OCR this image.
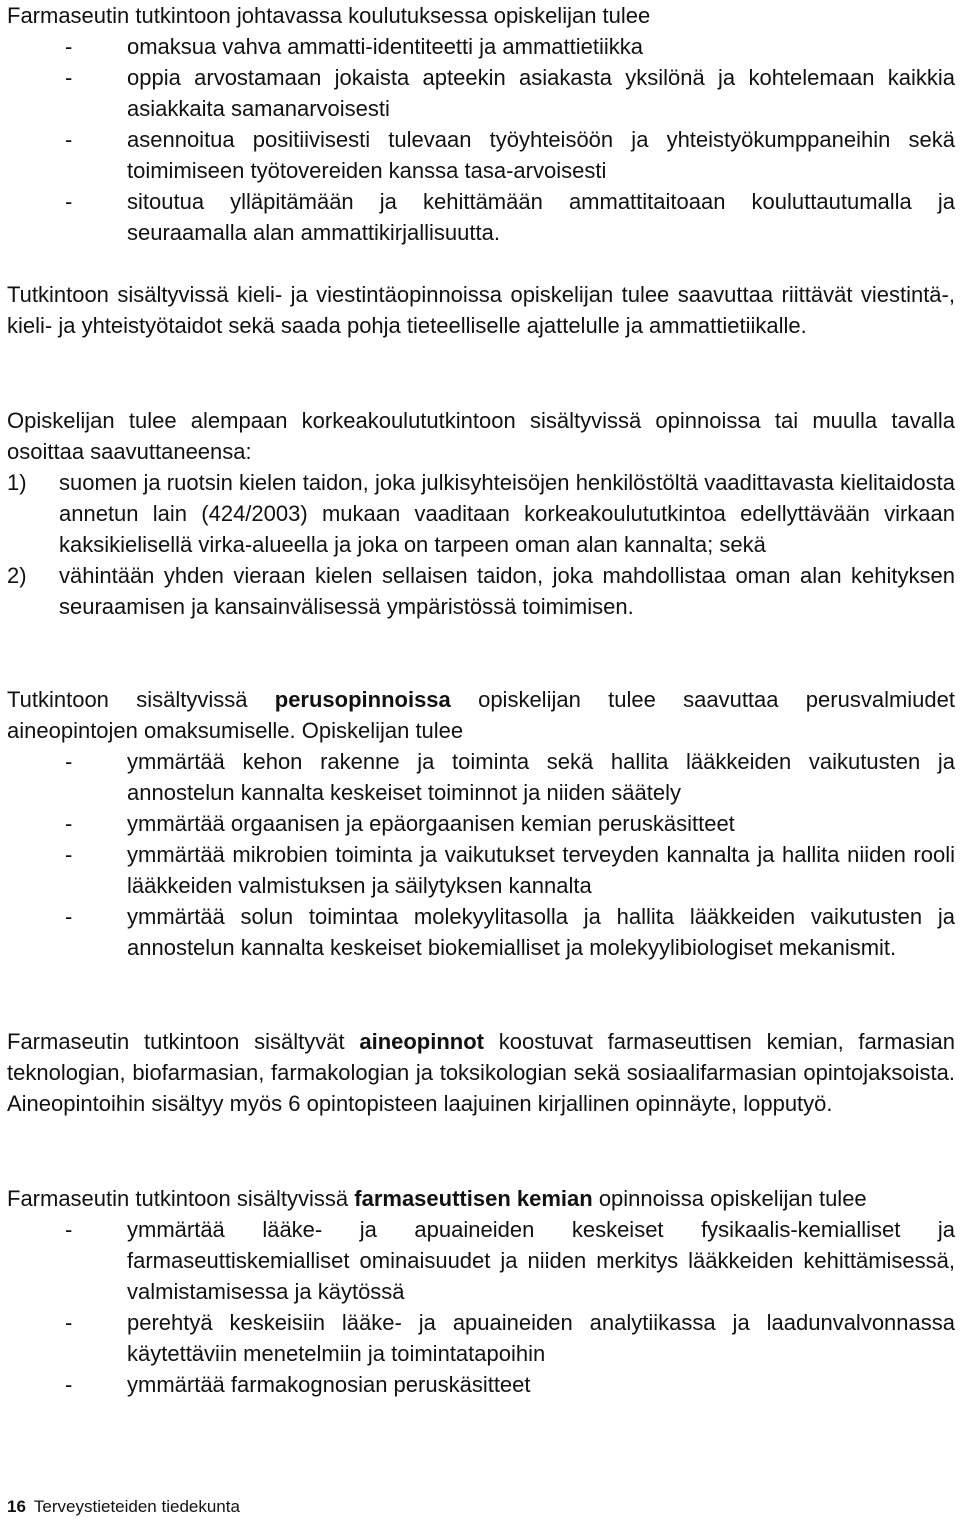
Farmaseutin tutkintoon johtavassa koulutuksessa opiskelijan tulee

- omaksua vahva ammatti-identiteetti ja ammattietiikka

- oppia arvostamaan jokaista apteekin asiakasta yksilönä ja kohtelemaan kaikkia asiakkaita samanarvoisesti

- asennoitua positiivisesti tulevaan työyhteisöön ja yhteistyökumppaneihin sekä toimimiseen työtovereiden kanssa tasa-arvoisesti

- sitoutua ylläpitämään ja kehittämään ammattitaitoaan kouluttautumalla ja seuraamalla alan ammattikirjallisuutta.

Tutkintoon sisältyvissä kieli- ja viestintäopinnoissa opiskelijan tulee saavuttaa riittävät viestintä-, kieli- ja yhteistyötaidot sekä saada pohja tieteelliselle ajattelulle ja ammattietiikalle.

Opiskelijan tulee alempaan korkeakoulututkintoon sisältyvissä opinnoissa tai muulla tavalla osoittaa saavuttaneensa:

1) suomen ja ruotsin kielen taidon, joka julkisyhteisöjen henkilöstöltä vaadittavasta kielitaidosta annetun lain (424/2003) mukaan vaaditaan korkeakoulututkintoa edellyttävään virkaan kaksikielisellä virka-alueella ja joka on tarpeen oman alan kannalta; sekä

2) vähintään yhden vieraan kielen sellaisen taidon, joka mahdollistaa oman alan kehityksen seuraamisen ja kansainvälisessä ympäristössä toimimisen.

Tutkintoon sisältyvissä perusopinnoissa opiskelijan tulee saavuttaa perusvalmiudet aineopintojen omaksumiselle. Opiskelijan tulee

- ymmärtää kehon rakenne ja toiminta sekä hallita lääkkeiden vaikutusten ja annostelun kannalta keskeiset toiminnot ja niiden säätely

- ymmärtää orgaanisen ja epäorgaanisen kemian peruskäsitteet

- ymmärtää mikrobien toiminta ja vaikutukset terveyden kannalta ja hallita niiden rooli lääkkeiden valmistuksen ja säilytyksen kannalta

- ymmärtää solun toimintaa molekyylitasolla ja hallita lääkkeiden vaikutusten ja annostelun kannalta keskeiset biokemialliset ja molekyylibiologiset mekanismit.

Farmaseutin tutkintoon sisältyvät aineopinnot koostuvat farmaseuttisen kemian, farmasian teknologian, biofarmasian, farmakologian ja toksikologian sekä sosiaalifarmasian opintojaksoista. Aineopintoihin sisältyy myös 6 opintopisteen laajuinen kirjallinen opinnäyte, lopputyö.

Farmaseutin tutkintoon sisältyvissä farmaseuttisen kemian opinnoissa opiskelijan tulee

- ymmärtää lääke- ja apuaineiden keskeiset fysikaalis-kemialliset ja farmaseuttiskemialliset ominaisuudet ja niiden merkitys lääkkeiden kehittämisessä, valmistamisessa ja käytössä

- perehtyä keskeisiin lääke- ja apuaineiden analytiikassa ja laadunvalvonnassa käytettäviin menetelmiin ja toimintatapoihin

- ymmärtää farmakognosian peruskäsitteet

16 Terveystieteiden tiedekunta
